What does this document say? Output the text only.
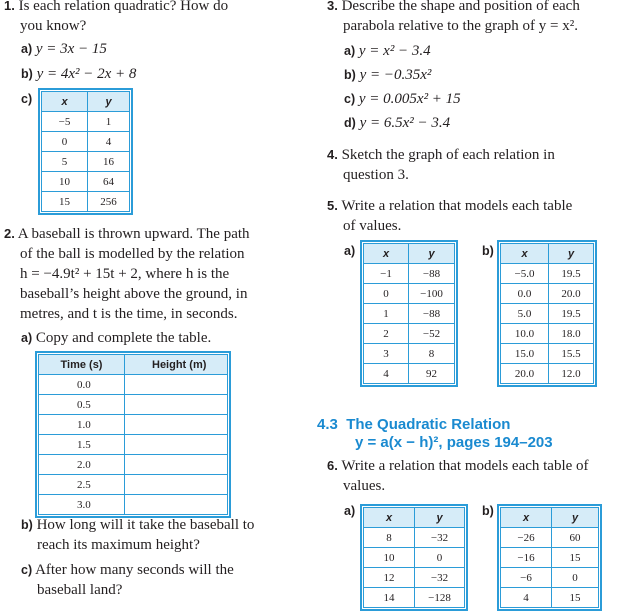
1. Is each relation quadratic? How do
you know?
a) y = 3x − 15
b) y = 4x² − 2x + 8
c)	x	y
−5	1
0	4
5	16
10	64
15	256
2. A baseball is thrown upward. The path
of the ball is modelled by the relation
h = −4.9t² + 15t + 2, where h is the
baseball’s height above the ground, in
metres, and t is the time, in seconds.
a) Copy and complete the table.
Time (s)	Height (m)
0.0	
0.5	
1.0	
1.5	
2.0	
2.5	
3.0	
b) How long will it take the baseball to
reach its maximum height?
c) After how many seconds will the
baseball land?
3. Describe the shape and position of each
parabola relative to the graph of y = x².
a) y = x² − 3.4
b) y = −0.35x²
c) y = 0.005x² + 15
d) y = 6.5x² − 3.4
4. Sketch the graph of each relation in
question 3.
5. Write a relation that models each table
of values.
a)	x	y
−1	−88
0	−100
1	−88
2	−52
3	8
4	92
b)	x	y
−5.0	19.5
0.0	20.0
5.0	19.5
10.0	18.0
15.0	15.5
20.0	12.0
4.3 The Quadratic Relation
y = a(x − h)², pages 194–203
6. Write a relation that models each table of
values.
a)	x	y
8	−32
10	0
12	−32
14	−128
b)	x	y
−26	60
−16	15
−6	0
4	15
